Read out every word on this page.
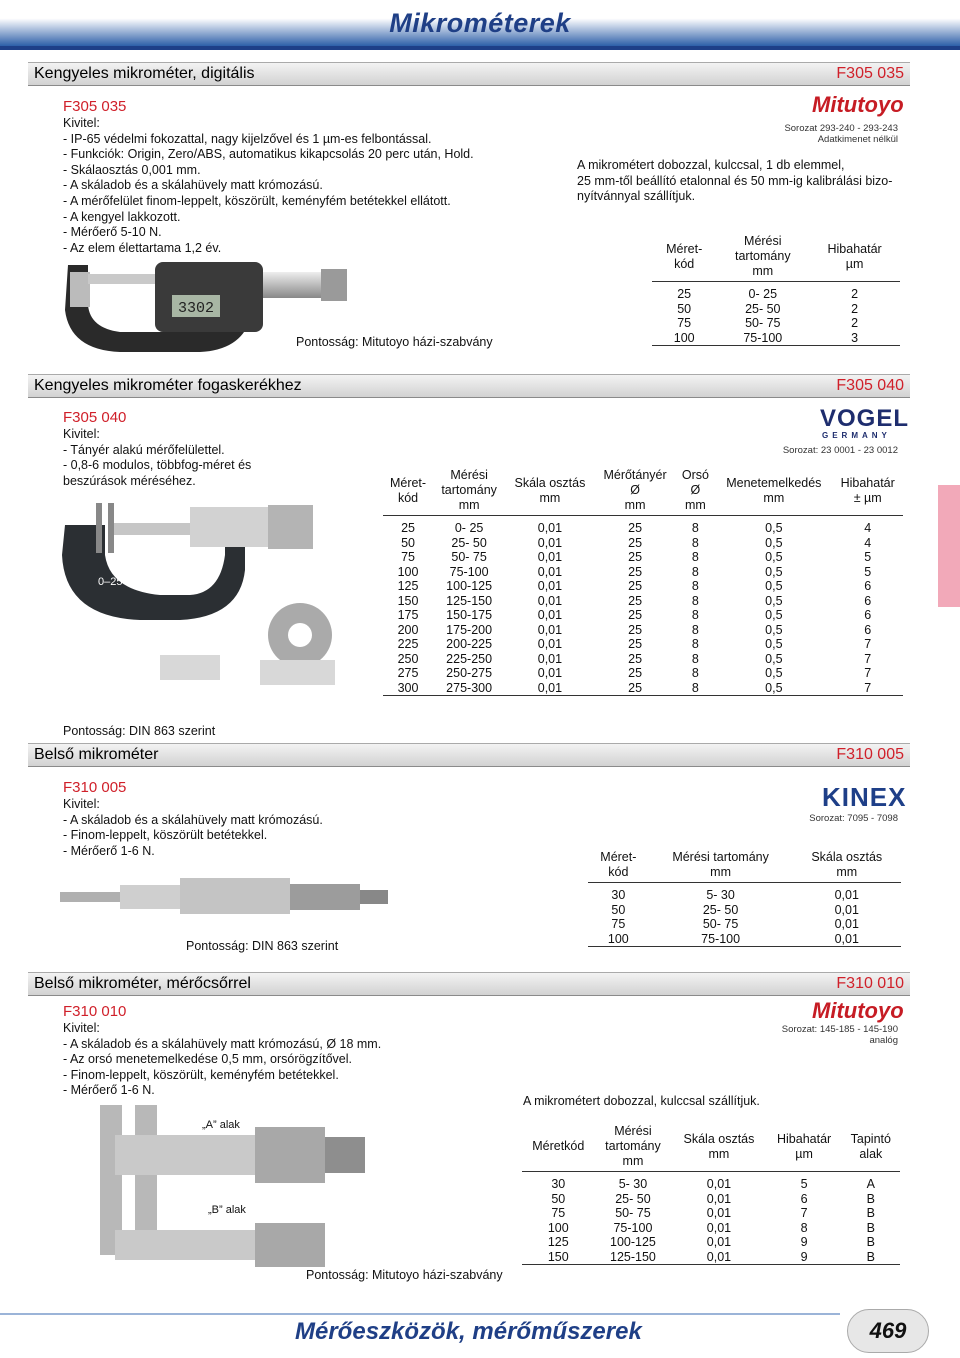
Mikrométerek
Kengyeles mikrométer, digitális	F305 035
F305 035
Kivitel:
- IP-65 védelmi fokozattal, nagy kijelzővel és 1 µm-es felbontással.
- Funkciók: Origin, Zero/ABS, automatikus kikapcsolás 20 perc után, Hold.
- Skálaosztás 0,001 mm.
- A skáladob és a skálahüvely matt krómozású.
- A mérőfelület finom-leppelt, köszörült, keményfém betétekkel ellátott.
- A kengyel lakkozott.
- Mérőerő 5-10 N.
- Az elem élettartama 1,2 év.
3302
Pontosság: Mitutoyo házi-szabvány
Mitutoyo
Sorozat 293-240 - 293-243
Adatkimenet nélkül
A mikrométert dobozzal, kulccsal, 1 db elemmel,
25 mm-től beállító etalonnal és 50 mm-ig kalibrálási bizo-
nyítvánnyal szállítjuk.
Méret-
kód	Mérési
tartomány
mm	Hibahatár
µm
25	0- 25	2
50	25- 50	2
75	50- 75	2
100	75-100	3
Kengyeles mikrométer fogaskerékhez	F305 040
F305 040
Kivitel:
- Tányér alakú mérőfelülettel.
- 0,8-6 modulos, többfog-méret és
beszúrások méréséhez.
0–25 mm
Pontosság: DIN 863 szerint
VOGEL
GERMANY
Sorozat: 23 0001 - 23 0012
Méret-
kód	Mérési
tartomány
mm	Skála osztás
mm	Mérőtányér
Ø
mm	Orsó
Ø
mm	Menetemelkedés
mm	Hibahatár
± µm
25	0- 25	0,01	25	8	0,5	4
50	25- 50	0,01	25	8	0,5	4
75	50- 75	0,01	25	8	0,5	5
100	75-100	0,01	25	8	0,5	5
125	100-125	0,01	25	8	0,5	6
150	125-150	0,01	25	8	0,5	6
175	150-175	0,01	25	8	0,5	6
200	175-200	0,01	25	8	0,5	6
225	200-225	0,01	25	8	0,5	7
250	225-250	0,01	25	8	0,5	7
275	250-275	0,01	25	8	0,5	7
300	275-300	0,01	25	8	0,5	7
Belső mikrométer	F310 005
F310 005
Kivitel:
- A skáladob és a skálahüvely matt krómozású.
- Finom-leppelt, köszörült betétekkel.
- Mérőerő 1-6 N.
Pontosság: DIN 863 szerint
KINEX
Sorozat: 7095 - 7098
Méret-
kód	Mérési tartomány
mm	Skála osztás
mm
30	5- 30	0,01
50	25- 50	0,01
75	50- 75	0,01
100	75-100	0,01
Belső mikrométer, mérőcsőrrel	F310 010
F310 010
Kivitel:
- A skáladob és a skálahüvely matt krómozású, Ø 18 mm.
- Az orsó menetemelkedése 0,5 mm, orsórögzítővel.
- Finom-leppelt, köszörült, keményfém betétekkel.
- Mérőerő 1-6 N.
„A” alak
„B” alak
Pontosság: Mitutoyo házi-szabvány
Mitutoyo
Sorozat: 145-185 - 145-190
analóg
A mikrométert dobozzal, kulccsal szállítjuk.
Méretkód	Mérési
tartomány
mm	Skála osztás
mm	Hibahatár
µm	Tapintó
alak
30	5- 30	0,01	5	A
50	25- 50	0,01	6	B
75	50- 75	0,01	7	B
100	75-100	0,01	8	B
125	100-125	0,01	9	B
150	125-150	0,01	9	B
Mérőeszközök, mérőműszerek	469
